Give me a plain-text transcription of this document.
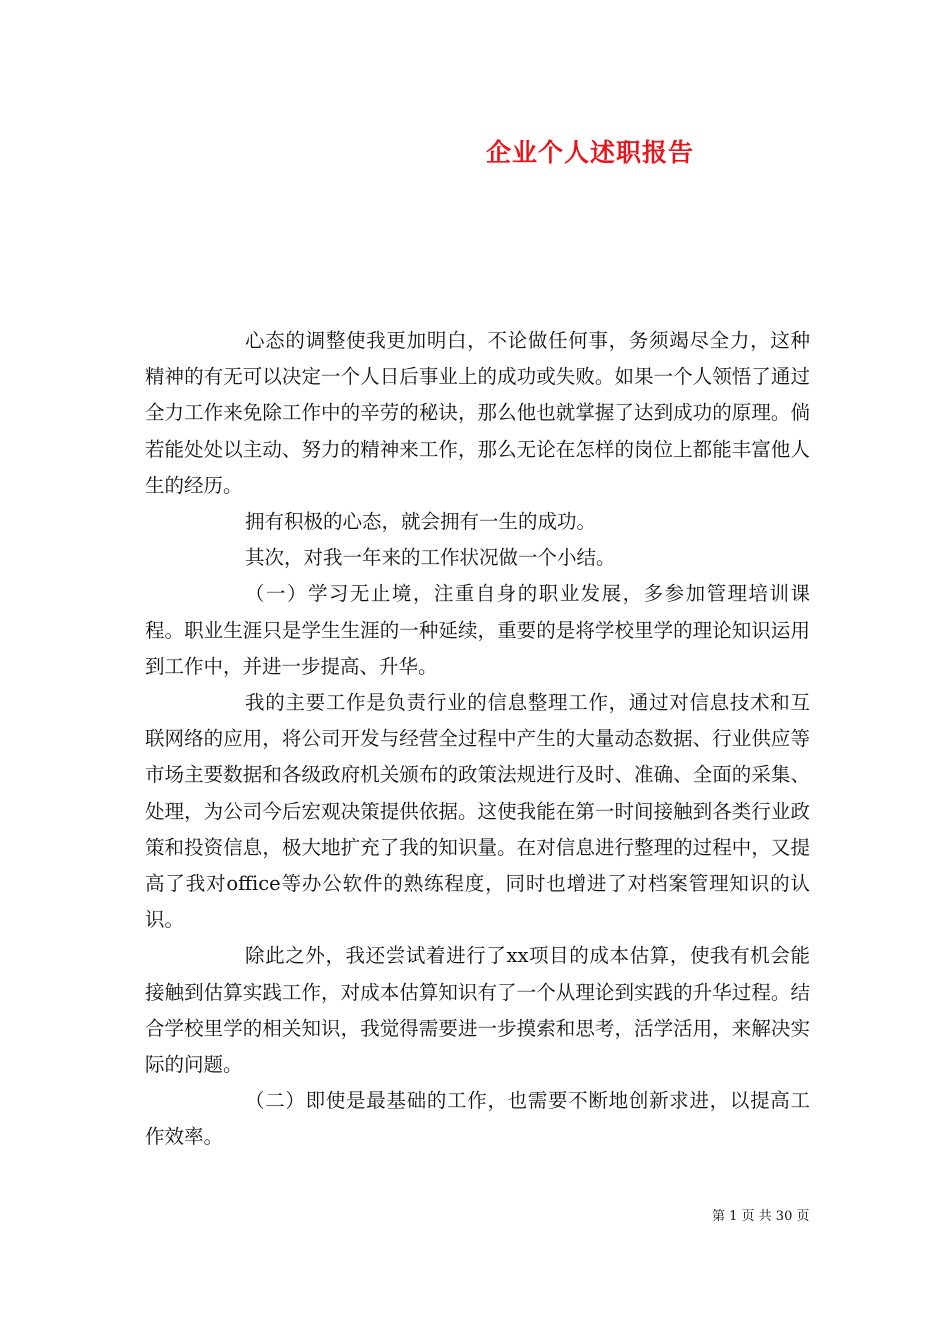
企业个人述职报告

心态的调整使我更加明白，不论做任何事，务须竭尽全力，这种精神的有无可以决定一个人日后事业上的成功或失败。如果一个人领悟了通过全力工作来免除工作中的辛劳的秘诀，那么他也就掌握了达到成功的原理。倘若能处处以主动、努力的精神来工作，那么无论在怎样的岗位上都能丰富他人生的经历。

拥有积极的心态，就会拥有一生的成功。

其次，对我一年来的工作状况做一个小结。

（一）学习无止境，注重自身的职业发展，多参加管理培训课程。职业生涯只是学生生涯的一种延续，重要的是将学校里学的理论知识运用到工作中，并进一步提高、升华。

我的主要工作是负责行业的信息整理工作，通过对信息技术和互联网络的应用，将公司开发与经营全过程中产生的大量动态数据、行业供应等市场主要数据和各级政府机关颁布的政策法规进行及时、准确、全面的采集、处理，为公司今后宏观决策提供依据。这使我能在第一时间接触到各类行业政策和投资信息，极大地扩充了我的知识量。在对信息进行整理的过程中，又提高了我对office等办公软件的熟练程度，同时也增进了对档案管理知识的认识。

除此之外，我还尝试着进行了xx项目的成本估算，使我有机会能接触到估算实践工作，对成本估算知识有了一个从理论到实践的升华过程。结合学校里学的相关知识，我觉得需要进一步摸索和思考，活学活用，来解决实际的问题。

（二）即使是最基础的工作，也需要不断地创新求进，以提高工作效率。

第 1 页 共 30 页
